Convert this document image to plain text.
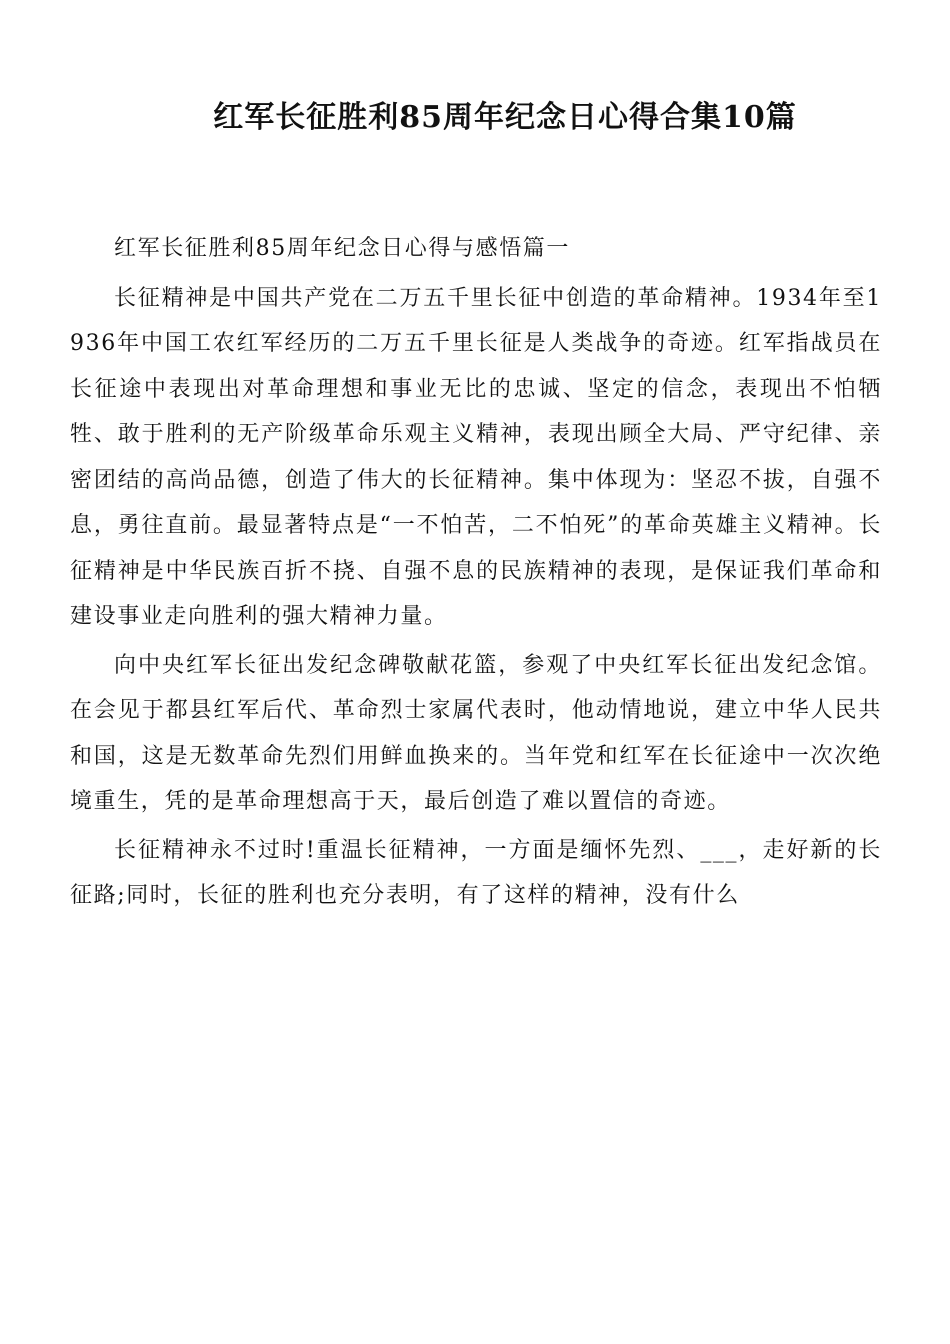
红军长征胜利85周年纪念日心得合集10篇

红军长征胜利85周年纪念日心得与感悟篇一

长征精神是中国共产党在二万五千里长征中创造的革命精神。1934年至1936年中国工农红军经历的二万五千里长征是人类战争的奇迹。红军指战员在长征途中表现出对革命理想和事业无比的忠诚、坚定的信念，表现出不怕牺牲、敢于胜利的无产阶级革命乐观主义精神，表现出顾全大局、严守纪律、亲密团结的高尚品德，创造了伟大的长征精神。集中体现为：坚忍不拔，自强不息，勇往直前。最显著特点是“一不怕苦，二不怕死”的革命英雄主义精神。长征精神是中华民族百折不挠、自强不息的民族精神的表现，是保证我们革命和建设事业走向胜利的强大精神力量。

向中央红军长征出发纪念碑敬献花篮，参观了中央红军长征出发纪念馆。在会见于都县红军后代、革命烈士家属代表时，他动情地说，建立中华人民共和国，这是无数革命先烈们用鲜血换来的。当年党和红军在长征途中一次次绝境重生，凭的是革命理想高于天，最后创造了难以置信的奇迹。

长征精神永不过时!重温长征精神，一方面是缅怀先烈、___，走好新的长征路;同时，长征的胜利也充分表明，有了这样的精神，没有什么
